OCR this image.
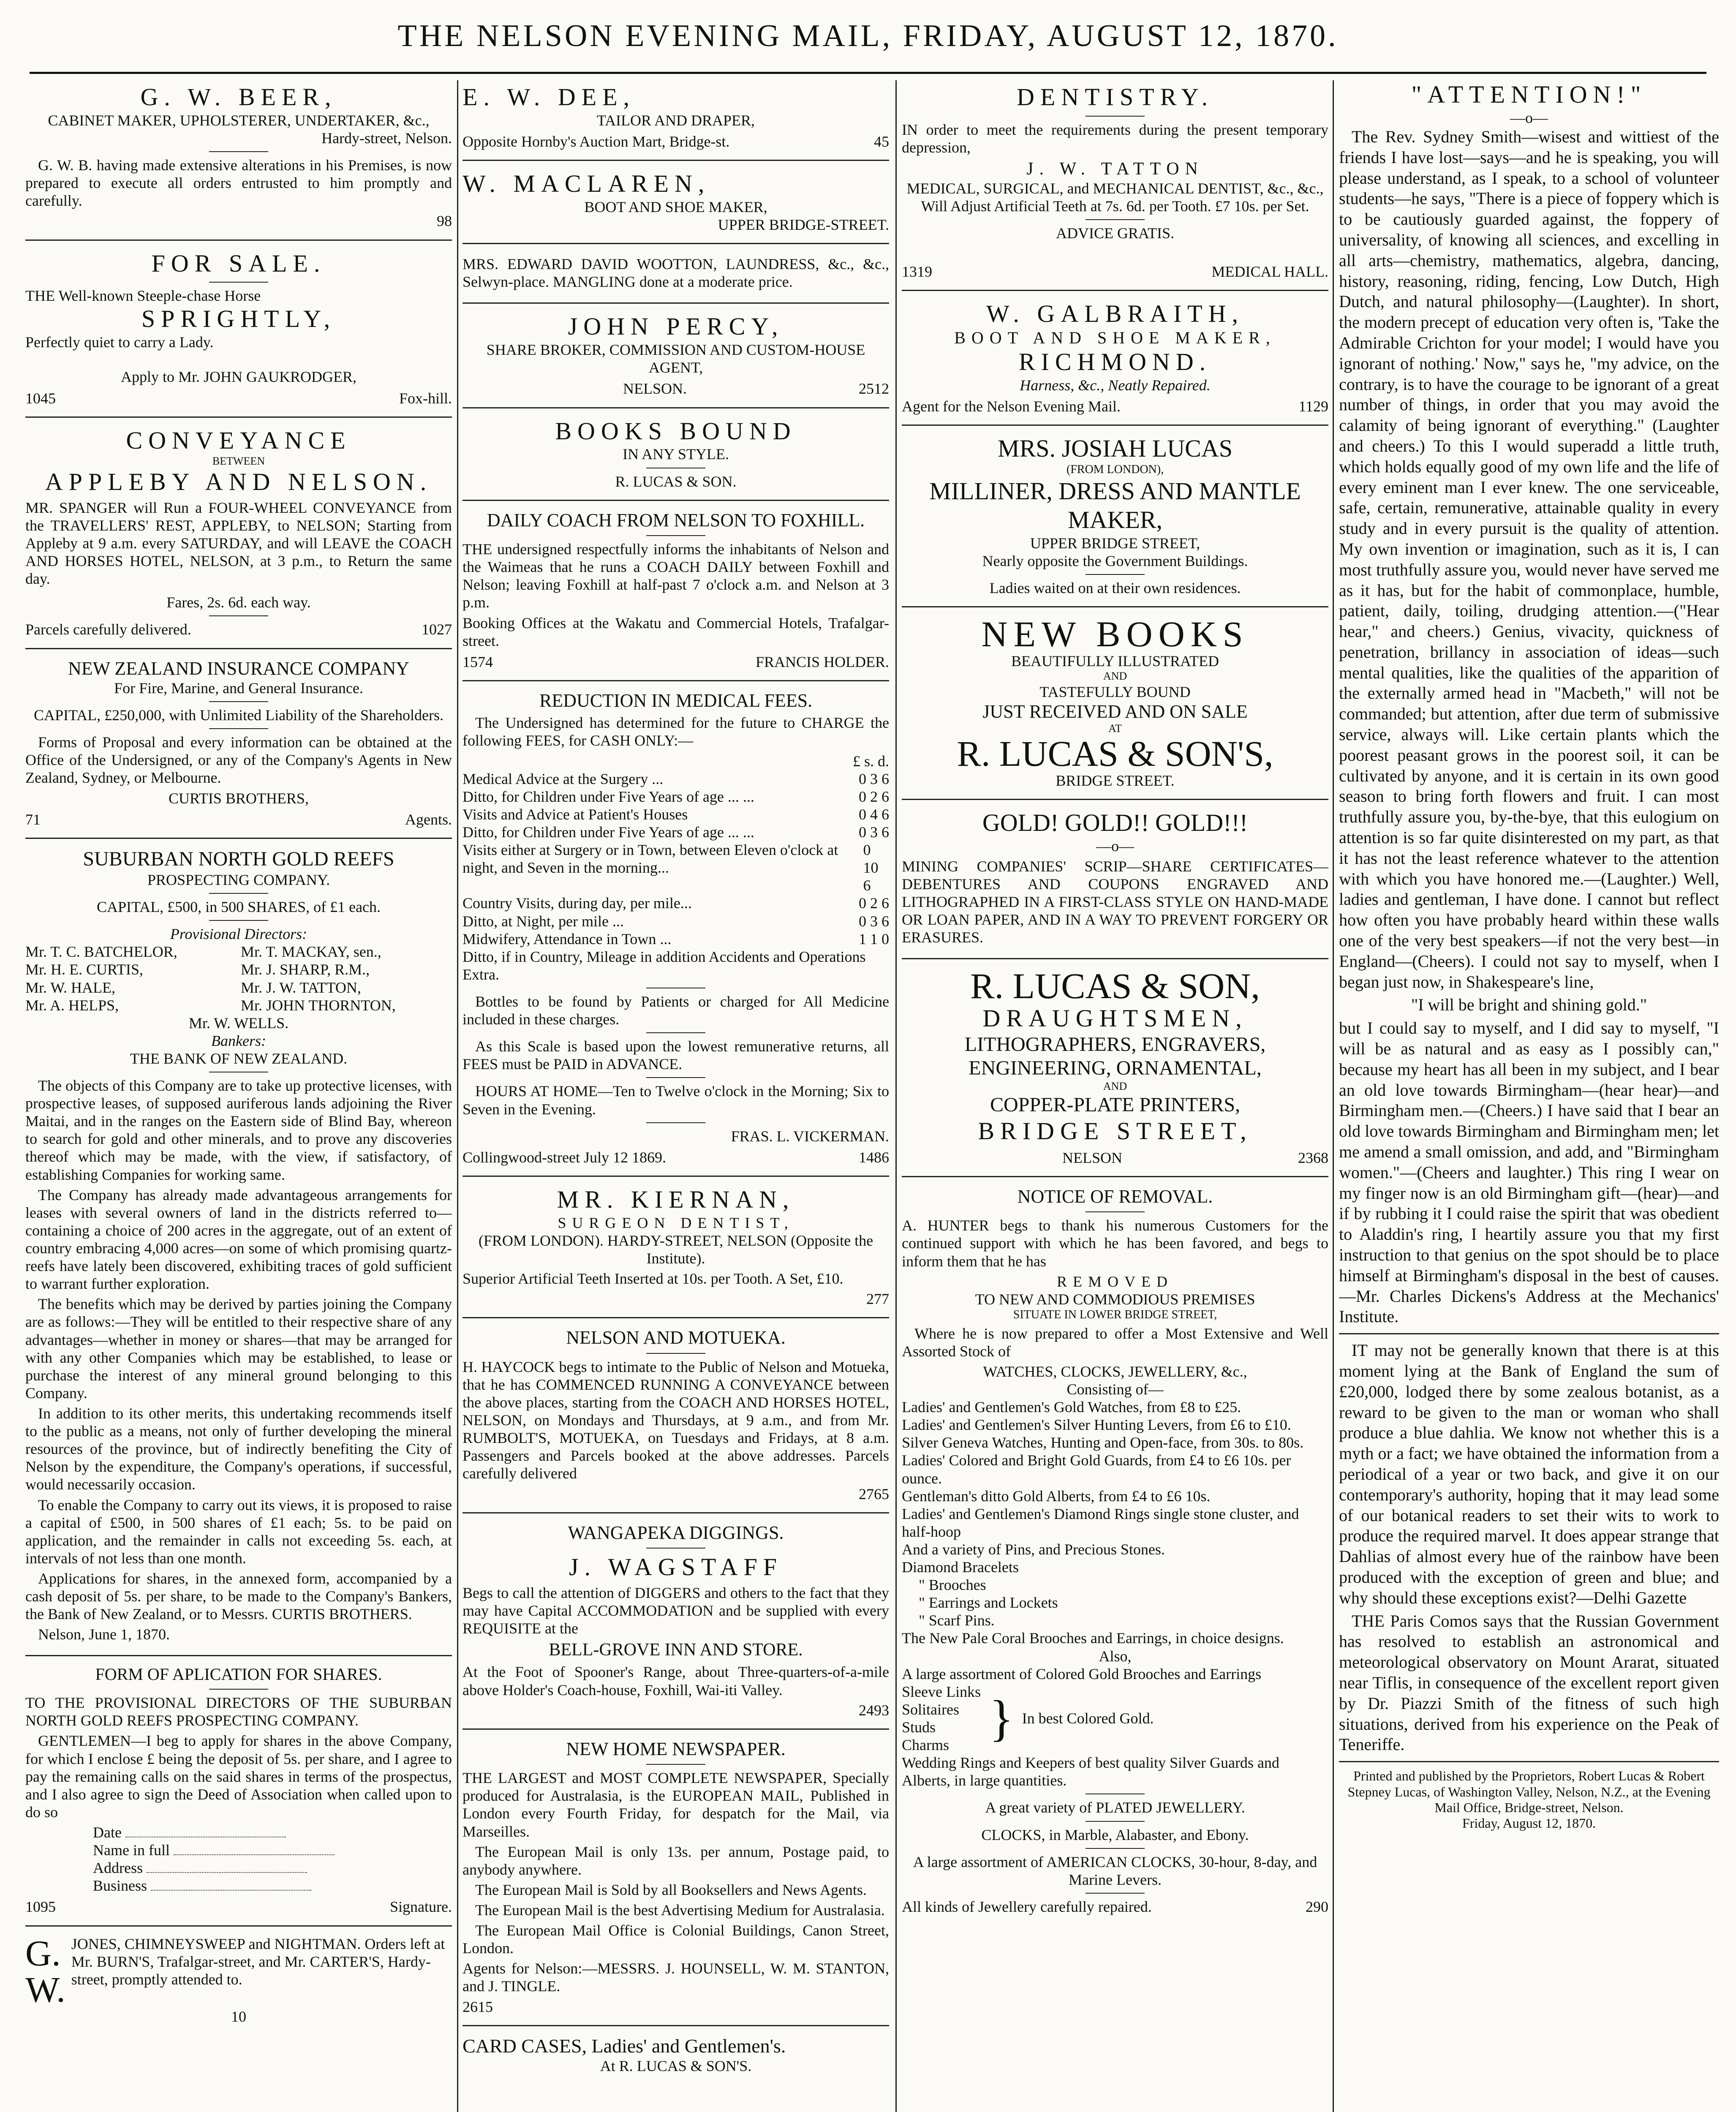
THE NELSON EVENING MAIL, FRIDAY, AUGUST 12, 1870.
G. W. BEER,
CABINET MAKER, UPHOLSTERER, UNDERTAKER, &c.,
Hardy-street, Nelson.
G. W. B. having made extensive alterations in his Premises, is now prepared to execute all orders entrusted to him promptly and carefully.
98
FOR SALE.
THE Well-known Steeple-chase Horse
SPRIGHTLY,
Perfectly quiet to carry a Lady.
Apply to Mr. JOHN GAUKRODGER,
1045	Fox-hill.
CONVEYANCE
BETWEEN
APPLEBY AND NELSON.
MR. SPANGER will Run a FOUR-WHEEL CONVEYANCE from the TRAVELLERS' REST, APPLEBY, to NELSON; Starting from Appleby at 9 a.m. every SATURDAY, and will LEAVE the COACH AND HORSES HOTEL, NELSON, at 3 p.m., to Return the same day.
Fares, 2s. 6d. each way.
Parcels carefully delivered.	1027
NEW ZEALAND INSURANCE COMPANY
For Fire, Marine, and General Insurance.
CAPITAL, £250,000, with Unlimited Liability of the Shareholders.
Forms of Proposal and every information can be obtained at the Office of the Undersigned, or any of the Company's Agents in New Zealand, Sydney, or Melbourne.
CURTIS BROTHERS,
71	Agents.
SUBURBAN NORTH GOLD REEFS
PROSPECTING COMPANY.
CAPITAL, £500, in 500 SHARES, of £1 each.
Provisional Directors:
Mr. T. C. BATCHELOR,
Mr. H. E. CURTIS,
Mr. W. HALE,
Mr. A. HELPS,
Mr. T. MACKAY, sen.,
Mr. J. SHARP, R.M.,
Mr. J. W. TATTON,
Mr. JOHN THORNTON,
Mr. W. WELLS.
Bankers:
THE BANK OF NEW ZEALAND.
The objects of this Company are to take up protective licenses, with prospective leases, of supposed auriferous lands adjoining the River Maitai, and in the ranges on the Eastern side of Blind Bay, whereon to search for gold and other minerals, and to prove any discoveries thereof which may be made, with the view, if satisfactory, of establishing Companies for working same.
The Company has already made advantageous arrangements for leases with several owners of land in the districts referred to—containing a choice of 200 acres in the aggregate, out of an extent of country embracing 4,000 acres—on some of which promising quartz-reefs have lately been discovered, exhibiting traces of gold sufficient to warrant further exploration.
The benefits which may be derived by parties joining the Company are as follows:—They will be entitled to their respective share of any advantages—whether in money or shares—that may be arranged for with any other Companies which may be established, to lease or purchase the interest of any mineral ground belonging to this Company.
In addition to its other merits, this undertaking recommends itself to the public as a means, not only of further developing the mineral resources of the province, but of indirectly benefiting the City of Nelson by the expenditure, the Company's operations, if successful, would necessarily occasion.
To enable the Company to carry out its views, it is proposed to raise a capital of £500, in 500 shares of £1 each; 5s. to be paid on application, and the remainder in calls not exceeding 5s. each, at intervals of not less than one month.
Applications for shares, in the annexed form, accompanied by a cash deposit of 5s. per share, to be made to the Company's Bankers, the Bank of New Zealand, or to Messrs. CURTIS BROTHERS.
Nelson, June 1, 1870.
FORM OF APLICATION FOR SHARES.
TO THE PROVISIONAL DIRECTORS OF THE SUBURBAN NORTH GOLD REEFS PROSPECTING COMPANY.
GENTLEMEN—I beg to apply for shares in the above Company, for which I enclose £ being the deposit of 5s. per share, and I agree to pay the remaining calls on the said shares in terms of the prospectus, and I also agree to sign the Deed of Association when called upon to do so
Date
Name in full
Address
Business
1095	Signature.
G. W.
JONES, CHIMNEYSWEEP and NIGHTMAN. Orders left at Mr. BURN'S, Trafalgar-street, and Mr. CARTER'S, Hardy-street, promptly attended to.
10
E. W. DEE,
TAILOR AND DRAPER,
Opposite Hornby's Auction Mart, Bridge-st.	45
W. MACLAREN,
BOOT AND SHOE MAKER,
UPPER BRIDGE-STREET.
MRS. EDWARD DAVID WOOTTON, LAUNDRESS, &c., &c., Selwyn-place. MANGLING done at a moderate price.
JOHN PERCY,
SHARE BROKER, COMMISSION AND CUSTOM-HOUSE AGENT,
NELSON.	2512
BOOKS BOUND
IN ANY STYLE.
R. LUCAS & SON.
DAILY COACH FROM NELSON TO FOXHILL.
THE undersigned respectfully informs the inhabitants of Nelson and the Waimeas that he runs a COACH DAILY between Foxhill and Nelson; leaving Foxhill at half-past 7 o'clock a.m. and Nelson at 3 p.m.
Booking Offices at the Wakatu and Commercial Hotels, Trafalgar-street.
1574	FRANCIS HOLDER.
REDUCTION IN MEDICAL FEES.
The Undersigned has determined for the future to CHARGE the following FEES, for CASH ONLY:—
£ s. d.
Medical Advice at the Surgery ...	0 3 6
Ditto, for Children under Five Years of age ... ...	0 2 6
Visits and Advice at Patient's Houses	0 4 6
Ditto, for Children under Five Years of age ... ...	0 3 6
Visits either at Surgery or in Town, between Eleven o'clock at night, and Seven in the morning...
0 10 6
Country Visits, during day, per mile...	0 2 6
Ditto, at Night, per mile ...	0 3 6
Midwifery, Attendance in Town ...	1 1 0
Ditto, if in Country, Mileage in addition Accidents and Operations Extra.
Bottles to be found by Patients or charged for All Medicine included in these charges.
As this Scale is based upon the lowest remunerative returns, all FEES must be PAID in ADVANCE.
HOURS AT HOME—Ten to Twelve o'clock in the Morning; Six to Seven in the Evening.
FRAS. L. VICKERMAN.
Collingwood-street July 12 1869.	1486
MR. KIERNAN,
SURGEON DENTIST,
(FROM LONDON). HARDY-STREET, NELSON (Opposite the Institute).
Superior Artificial Teeth Inserted at 10s. per Tooth. A Set, £10.
277
NELSON AND MOTUEKA.
H. HAYCOCK begs to intimate to the Public of Nelson and Motueka, that he has COMMENCED RUNNING A CONVEYANCE between the above places, starting from the COACH AND HORSES HOTEL, NELSON, on Mondays and Thursdays, at 9 a.m., and from Mr. RUMBOLT'S, MOTUEKA, on Tuesdays and Fridays, at 8 a.m. Passengers and Parcels booked at the above addresses. Parcels carefully delivered
2765
WANGAPEKA DIGGINGS.
J. WAGSTAFF
Begs to call the attention of DIGGERS and others to the fact that they may have Capital ACCOMMODATION and be supplied with every REQUISITE at the
BELL-GROVE INN AND STORE.
At the Foot of Spooner's Range, about Three-quarters-of-a-mile above Holder's Coach-house, Foxhill, Wai-iti Valley.
2493
NEW HOME NEWSPAPER.
THE LARGEST and MOST COMPLETE NEWSPAPER, Specially produced for Australasia, is the EUROPEAN MAIL, Published in London every Fourth Friday, for despatch for the Mail, via Marseilles.
The European Mail is only 13s. per annum, Postage paid, to anybody anywhere.
The European Mail is Sold by all Booksellers and News Agents.
The European Mail is the best Advertising Medium for Australasia.
The European Mail Office is Colonial Buildings, Canon Street, London.
Agents for Nelson:—MESSRS. J. HOUNSELL, W. M. STANTON, and J. TINGLE.
2615
CARD CASES, Ladies' and Gentlemen's.
At R. LUCAS & SON'S.
DENTISTRY.
IN order to meet the requirements during the present temporary depression,
J. W. TATTON
MEDICAL, SURGICAL, and MECHANICAL DENTIST, &c., &c.,
Will Adjust Artificial Teeth at 7s. 6d. per Tooth. £7 10s. per Set.
ADVICE GRATIS.
1319	MEDICAL HALL.
W. GALBRAITH,
BOOT AND SHOE MAKER,
RICHMOND.
Harness, &c., Neatly Repaired.
Agent for the Nelson Evening Mail.	1129
MRS. JOSIAH LUCAS
(FROM LONDON),
MILLINER, DRESS AND MANTLE MAKER,
UPPER BRIDGE STREET,
Nearly opposite the Government Buildings.
Ladies waited on at their own residences.
NEW BOOKS
BEAUTIFULLY ILLUSTRATED
AND
TASTEFULLY BOUND
JUST RECEIVED AND ON SALE
AT
R. LUCAS & SON'S,
BRIDGE STREET.
GOLD! GOLD!! GOLD!!!
—o—
MINING COMPANIES' SCRIP—SHARE CERTIFICATES—DEBENTURES AND COUPONS ENGRAVED AND LITHOGRAPHED IN A FIRST-CLASS STYLE ON HAND-MADE OR LOAN PAPER, AND IN A WAY TO PREVENT FORGERY OR ERASURES.
R. LUCAS & SON,
DRAUGHTSMEN,
LITHOGRAPHERS, ENGRAVERS,
ENGINEERING, ORNAMENTAL,
AND
COPPER-PLATE PRINTERS,
BRIDGE STREET,
NELSON	2368
NOTICE OF REMOVAL.
A. HUNTER begs to thank his numerous Customers for the continued support with which he has been favored, and begs to inform them that he has
REMOVED
TO NEW AND COMMODIOUS PREMISES
SITUATE IN LOWER BRIDGE STREET,
Where he is now prepared to offer a Most Extensive and Well Assorted Stock of
WATCHES, CLOCKS, JEWELLERY, &c.,
Consisting of—
Ladies' and Gentlemen's Gold Watches, from £8 to £25.
Ladies' and Gentlemen's Silver Hunting Levers, from £6 to £10.
Silver Geneva Watches, Hunting and Open-face, from 30s. to 80s.
Ladies' Colored and Bright Gold Guards, from £4 to £6 10s. per ounce.
Gentleman's ditto Gold Alberts, from £4 to £6 10s.
Ladies' and Gentlemen's Diamond Rings single stone cluster, and half-hoop
And a variety of Pins, and Precious Stones.
Diamond Bracelets
" Brooches
" Earrings and Lockets
" Scarf Pins.
The New Pale Coral Brooches and Earrings, in choice designs.
Also,
A large assortment of Colored Gold Brooches and Earrings
Sleeve Links
Solitaires
Studs
Charms } In best Colored Gold.
Wedding Rings and Keepers of best quality Silver Guards and Alberts, in large quantities.
A great variety of PLATED JEWELLERY.
CLOCKS, in Marble, Alabaster, and Ebony.
A large assortment of AMERICAN CLOCKS, 30-hour, 8-day, and Marine Levers.
All kinds of Jewellery carefully repaired.	290
"ATTENTION!"
—o—

The Rev. Sydney Smith—wisest and wittiest of the friends I have lost—says—and he is speaking, you will please understand, as I speak, to a school of volunteer students—he says, "There is a piece of foppery which is to be cautiously guarded against, the foppery of universality, of knowing all sciences, and excelling in all arts—chemistry, mathematics, algebra, dancing, history, reasoning, riding, fencing, Low Dutch, High Dutch, and natural philosophy—(Laughter). In short, the modern precept of education very often is, 'Take the Admirable Crichton for your model; I would have you ignorant of nothing.' Now," says he, "my advice, on the contrary, is to have the courage to be ignorant of a great number of things, in order that you may avoid the calamity of being ignorant of everything." (Laughter and cheers.) To this I would superadd a little truth, which holds equally good of my own life and the life of every eminent man I ever knew. The one serviceable, safe, certain, remunerative, attainable quality in every study and in every pursuit is the quality of attention. My own invention or imagination, such as it is, I can most truthfully assure you, would never have served me as it has, but for the habit of commonplace, humble, patient, daily, toiling, drudging attention.—("Hear hear," and cheers.) Genius, vivacity, quickness of penetration, brillancy in association of ideas—such mental qualities, like the qualities of the apparition of the externally armed head in "Macbeth," will not be commanded; but attention, after due term of submissive service, always will. Like certain plants which the poorest peasant grows in the poorest soil, it can be cultivated by anyone, and it is certain in its own good season to bring forth flowers and fruit. I can most truthfully assure you, by-the-bye, that this eulogium on attention is so far quite disinterested on my part, as that it has not the least reference whatever to the attention with which you have honored me.—(Laughter.) Well, ladies and gentleman, I have done. I cannot but reflect how often you have probably heard within these walls one of the very best speakers—if not the very best—in England—(Cheers). I could not say to myself, when I began just now, in Shakespeare's line,

"I will be bright and shining gold."

but I could say to myself, and I did say to myself, "I will be as natural and as easy as I possibly can," because my heart has all been in my subject, and I bear an old love towards Birmingham—(hear hear)—and Birmingham men.—(Cheers.) I have said that I bear an old love towards Birmingham and Birmingham men; let me amend a small omission, and add, and "Birmingham women."—(Cheers and laughter.) This ring I wear on my finger now is an old Birmingham gift—(hear)—and if by rubbing it I could raise the spirit that was obedient to Aladdin's ring, I heartily assure you that my first instruction to that genius on the spot should be to place himself at Birmingham's disposal in the best of causes.—Mr. Charles Dickens's Address at the Mechanics' Institute.

IT may not be generally known that there is at this moment lying at the Bank of England the sum of £20,000, lodged there by some zealous botanist, as a reward to be given to the man or woman who shall produce a blue dahlia. We know not whether this is a myth or a fact; we have obtained the information from a periodical of a year or two back, and give it on our contemporary's authority, hoping that it may lead some of our botanical readers to set their wits to work to produce the required marvel. It does appear strange that Dahlias of almost every hue of the rainbow have been produced with the exception of green and blue; and why should these exceptions exist?—Delhi Gazette

THE Paris Comos says that the Russian Government has resolved to establish an astronomical and meteorological observatory on Mount Ararat, situated near Tiflis, in consequence of the excellent report given by Dr. Piazzi Smith of the fitness of such high situations, derived from his experience on the Peak of Teneriffe.

Printed and published by the Proprietors, Robert Lucas & Robert Stepney Lucas, of Washington Valley, Nelson, N.Z., at the Evening Mail Office, Bridge-street, Nelson.
Friday, August 12, 1870.
